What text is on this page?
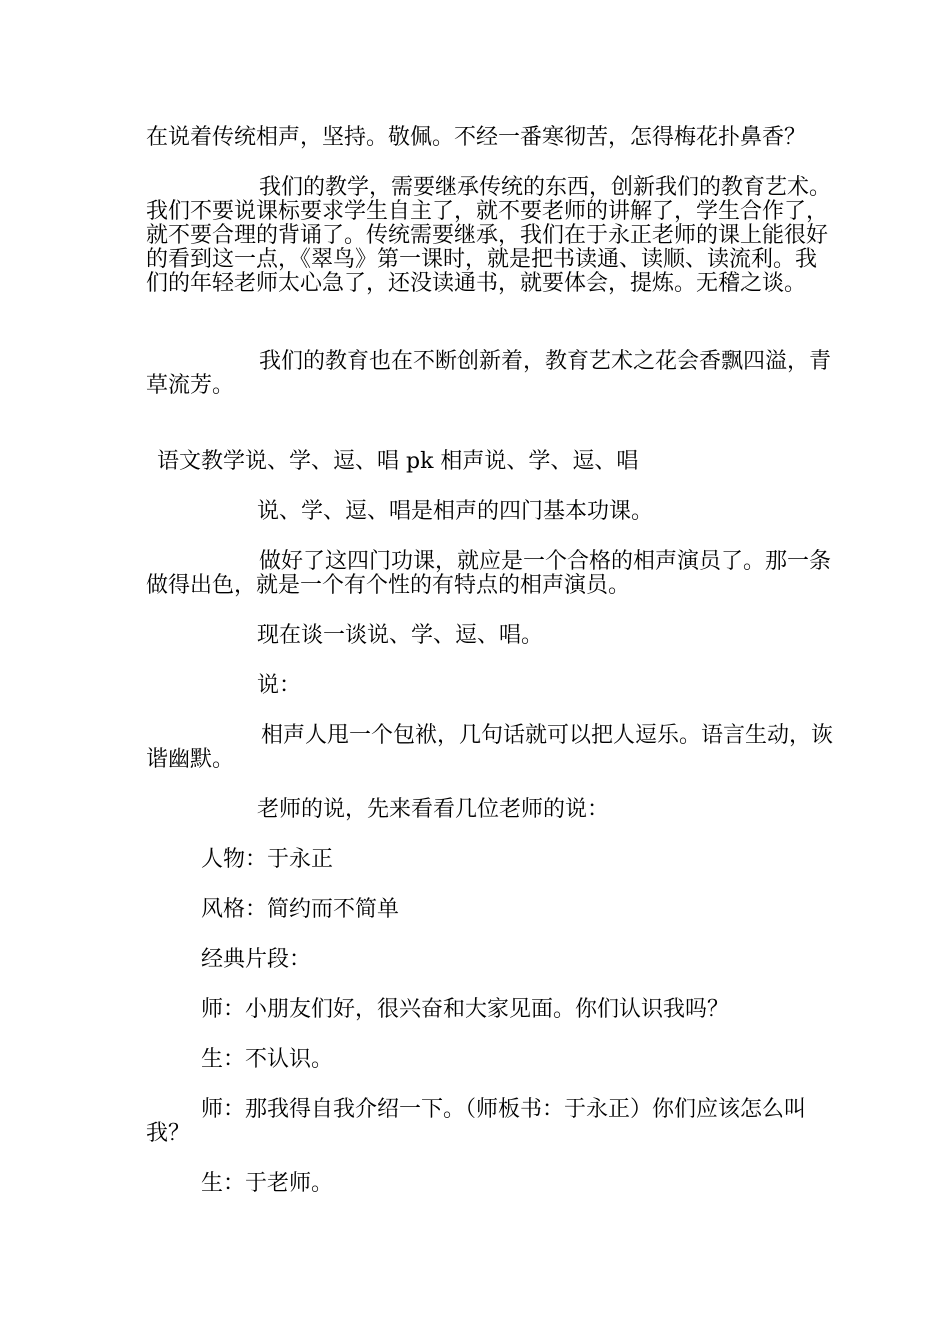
在说着传统相声，坚持。敬佩。不经一番寒彻苦，怎得梅花扑鼻香？

我们的教学，需要继承传统的东西，创新我们的教育艺术。我们不要说课标要求学生自主了，就不要老师的讲解了，学生合作了，就不要合理的背诵了。传统需要继承，我们在于永正老师的课上能很好的看到这一点，《翠鸟》第一课时，就是把书读通、读顺、读流利。我们的年轻老师太心急了，还没读通书，就要体会，提炼。无稽之谈。

我们的教育也在不断创新着，教育艺术之花会香飘四溢，青草流芳。

语文教学说、学、逗、唱 pk 相声说、学、逗、唱

说、学、逗、唱是相声的四门基本功课。

做好了这四门功课，就应是一个合格的相声演员了。那一条做得出色，就是一个有个性的有特点的相声演员。

现在谈一谈说、学、逗、唱。

说：

相声人甩一个包袱，几句话就可以把人逗乐。语言生动，诙谐幽默。

老师的说，先来看看几位老师的说：

人物：于永正

风格：简约而不简单

经典片段：

师：小朋友们好，很兴奋和大家见面。你们认识我吗？

生：不认识。

师：那我得自我介绍一下。（师板书：于永正）你们应该怎么叫我？

生：于老师。
